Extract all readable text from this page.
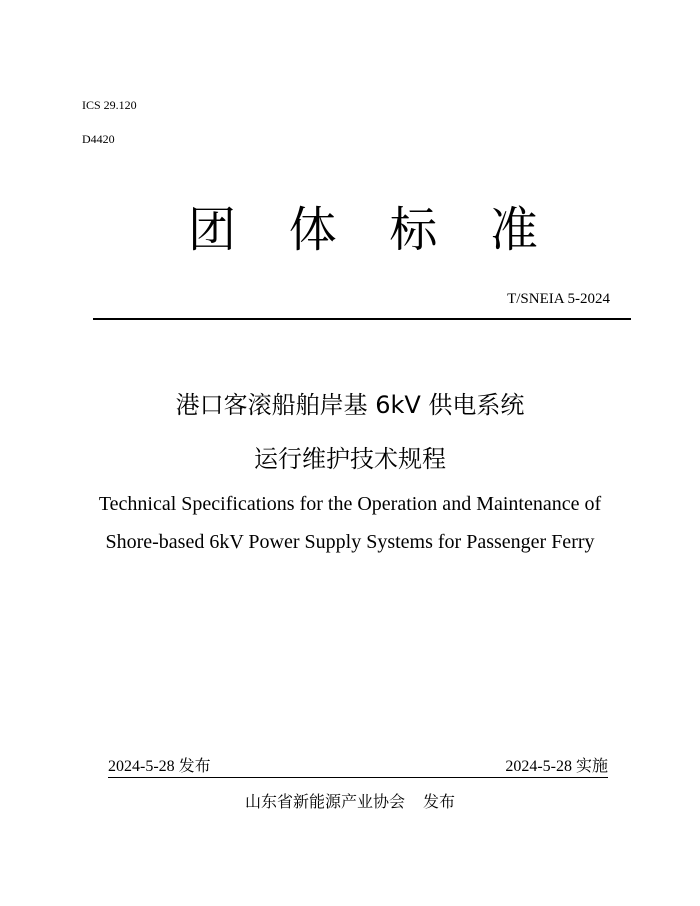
ICS 29.120
D4420
团 体 标 准
T/SNEIA 5-2024
港口客滚船舶岸基 6kV 供电系统
运行维护技术规程
Technical Specifications for the Operation and Maintenance of
Shore-based 6kV Power Supply Systems for Passenger Ferry
2024-5-28 发布	2024-5-28 实施
山东省新能源产业协会 发布
